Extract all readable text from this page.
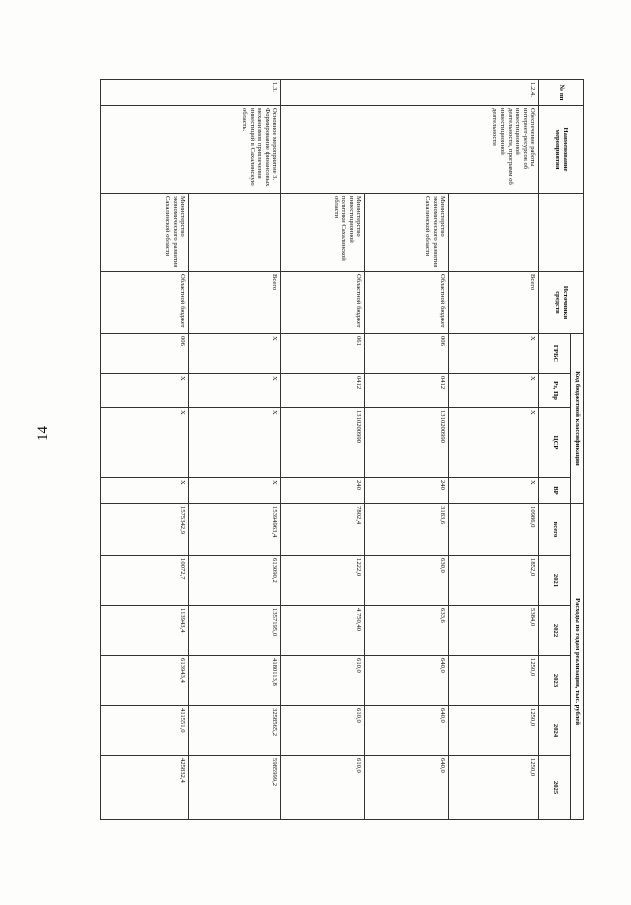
14
№ пп	Наименование мероприятия		Источники средств	Код бюджетной классификации				Расходы по годам реализации, тыс. рублей					
				ГРБС	Рз, Пр	ЦСР	ВР	всего	2021	2022	2023	2024	2025
1.2.4.	Обеспечение работы интернет-ресурсов об инвестиционной деятельности, программ об инвестиционной деятельности		Всего	Х	Х	Х	Х	10986,0	1852,0	5384,0	1250,0	1250,0	1250,0
		Министерство экономического развития Сахалинской области	Областной бюджет	006	0412	1310200990	240	3183,6	630,0	633,6	640,0	640,0	640,0
		Министерство инвестиционной политики Сахалинской области	Областной бюджет	061	0412	1310200990	240	7802,4	1222,0	4 750,40	610,0	610,0	610,0
1.3.	Основное мероприятие 3. Формирование финансовых механизмов привлечения инвестиций в Сахалинскую область.		Всего	Х	Х	Х	Х	15394963,4	613090,2	1357195,0	4180113,8	3258565,2	5985999,2
		Министерство экономического развития Сахалинской области	Областной бюджет	006	Х	Х	Х	1575342,9	10072,7	113943,4	613943,4	411551,0	425832,4
